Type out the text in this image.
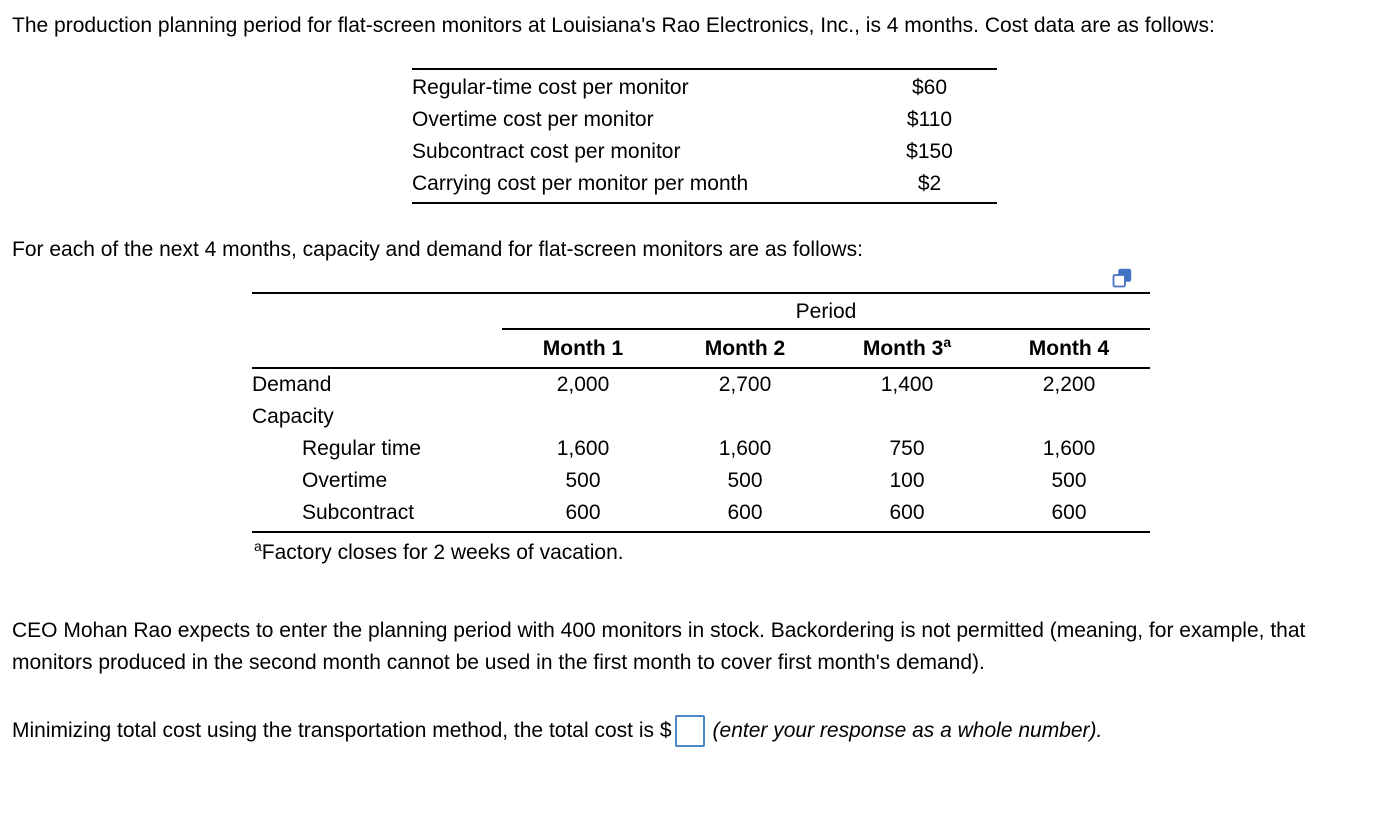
The production planning period for flat-screen monitors at Louisiana's Rao Electronics, Inc., is 4 months. Cost data are as follows:

Regular-time cost per monitor	$60
Overtime cost per monitor	$110
Subcontract cost per monitor	$150
Carrying cost per monitor per month	$2

For each of the next 4 months, capacity and demand for flat-screen monitors are as follows:

	Period			
	Month 1	Month 2	Month 3$^a$	Month 4
Demand	2,000	2,700	1,400	2,200
Capacity				
Regular time	1,600	1,600	750	1,600
Overtime	500	500	100	500
Subcontract	600	600	600	600
$^a$Factory closes for 2 weeks of vacation.

CEO Mohan Rao expects to enter the planning period with 400 monitors in stock. Backordering is not permitted (meaning, for example, that monitors produced in the second month cannot be used in the first month to cover first month's demand).

Minimizing total cost using the transportation method, the total cost is $ (enter your response as a whole number).
